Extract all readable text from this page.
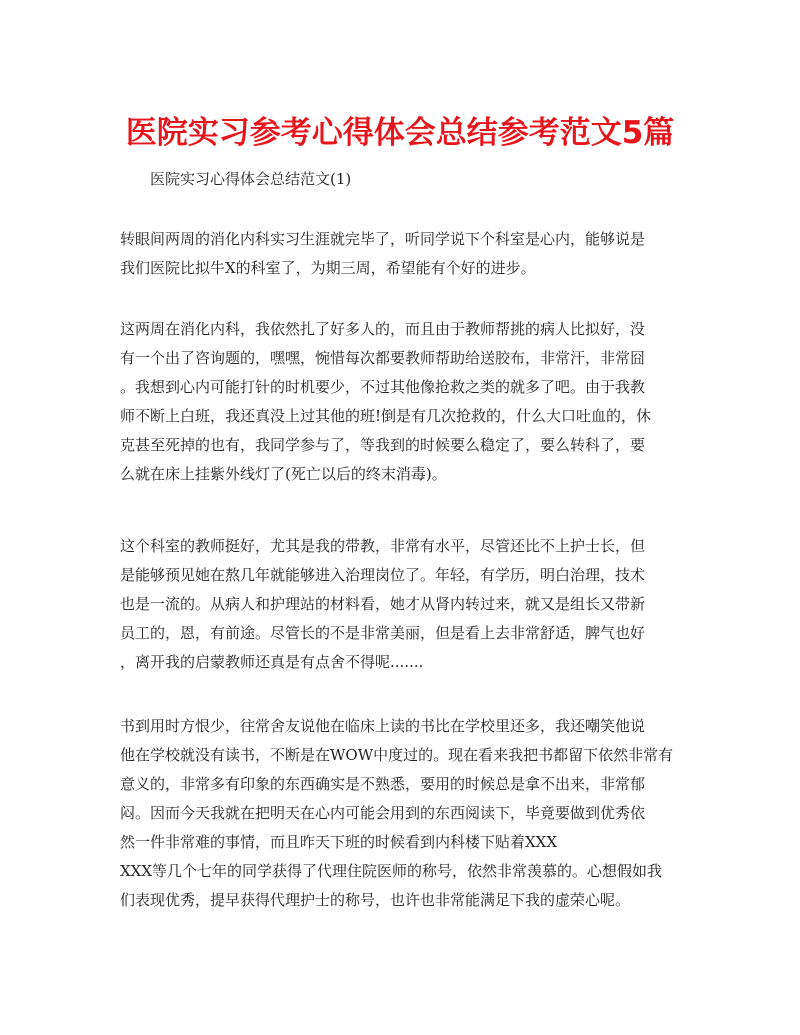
医院实习参考心得体会总结参考范文5篇
医院实习心得体会总结范文(1)
转眼间两周的消化内科实习生涯就完毕了，听同学说下个科室是心内，能够说是
我们医院比拟牛X的科室了，为期三周，希望能有个好的进步。
这两周在消化内科，我依然扎了好多人的，而且由于教师帮挑的病人比拟好，没
有一个出了咨询题的，嘿嘿，惋惜每次都要教师帮助给送胶布，非常汗，非常囧
。我想到心内可能打针的时机要少，不过其他像抢救之类的就多了吧。由于我教
师不断上白班，我还真没上过其他的班!倒是有几次抢救的，什么大口吐血的，休
克甚至死掉的也有，我同学参与了，等我到的时候要么稳定了，要么转科了，要
么就在床上挂紫外线灯了(死亡以后的终末消毒)。
这个科室的教师挺好，尤其是我的带教，非常有水平，尽管还比不上护士长，但
是能够预见她在熬几年就能够进入治理岗位了。年轻，有学历，明白治理，技术
也是一流的。从病人和护理站的材料看，她才从肾内转过来，就又是组长又带新
员工的，恩，有前途。尽管长的不是非常美丽，但是看上去非常舒适，脾气也好
，离开我的启蒙教师还真是有点舍不得呢.......
书到用时方恨少，往常舍友说他在临床上读的书比在学校里还多，我还嘲笑他说
他在学校就没有读书，不断是在WOW中度过的。现在看来我把书都留下依然非常有
意义的，非常多有印象的东西确实是不熟悉，要用的时候总是拿不出来，非常郁
闷。因而今天我就在把明天在心内可能会用到的东西阅读下，毕竟要做到优秀依
然一件非常难的事情，而且昨天下班的时候看到内科楼下贴着XXX
XXX等几个七年的同学获得了代理住院医师的称号，依然非常羡慕的。心想假如我
们表现优秀，提早获得代理护士的称号，也许也非常能满足下我的虚荣心呢。
